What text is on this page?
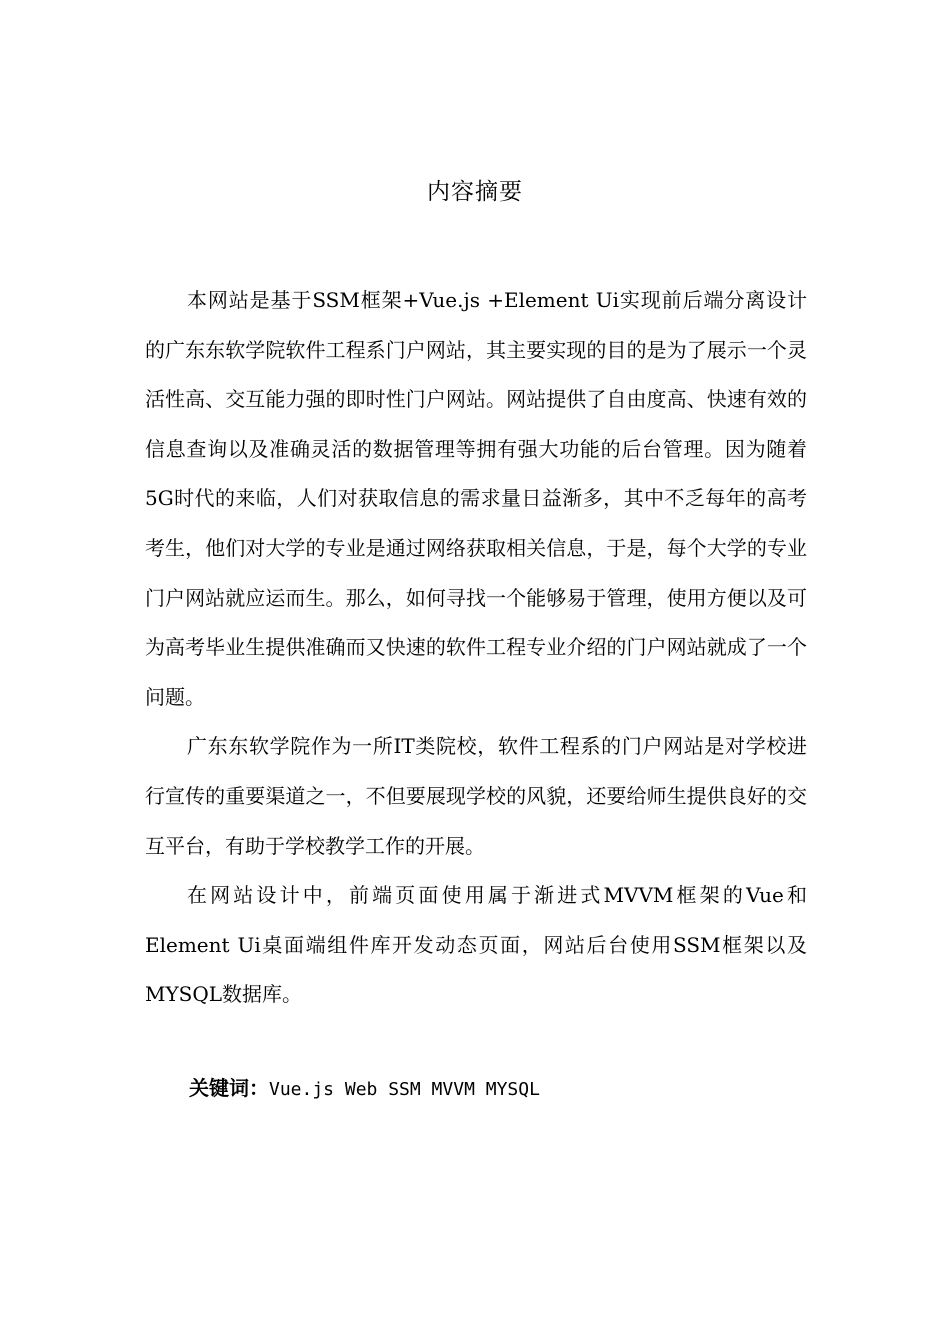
内容摘要

本网站是基于SSM框架+Vue.js +Element Ui实现前后端分离设计的广东东软学院软件工程系门户网站，其主要实现的目的是为了展示一个灵活性高、交互能力强的即时性门户网站。网站提供了自由度高、快速有效的信息查询以及准确灵活的数据管理等拥有强大功能的后台管理。因为随着5G时代的来临，人们对获取信息的需求量日益渐多，其中不乏每年的高考考生，他们对大学的专业是通过网络获取相关信息，于是，每个大学的专业门户网站就应运而生。那么，如何寻找一个能够易于管理，使用方便以及可为高考毕业生提供准确而又快速的软件工程专业介绍的门户网站就成了一个问题。

广东东软学院作为一所IT类院校，软件工程系的门户网站是对学校进行宣传的重要渠道之一，不但要展现学校的风貌，还要给师生提供良好的交互平台，有助于学校教学工作的开展。

在网站设计中，前端页面使用属于渐进式MVVM框架的Vue和Element Ui桌面端组件库开发动态页面，网站后台使用SSM框架以及MYSQL数据库。

关键词：Vue.js Web SSM MVVM MYSQL
